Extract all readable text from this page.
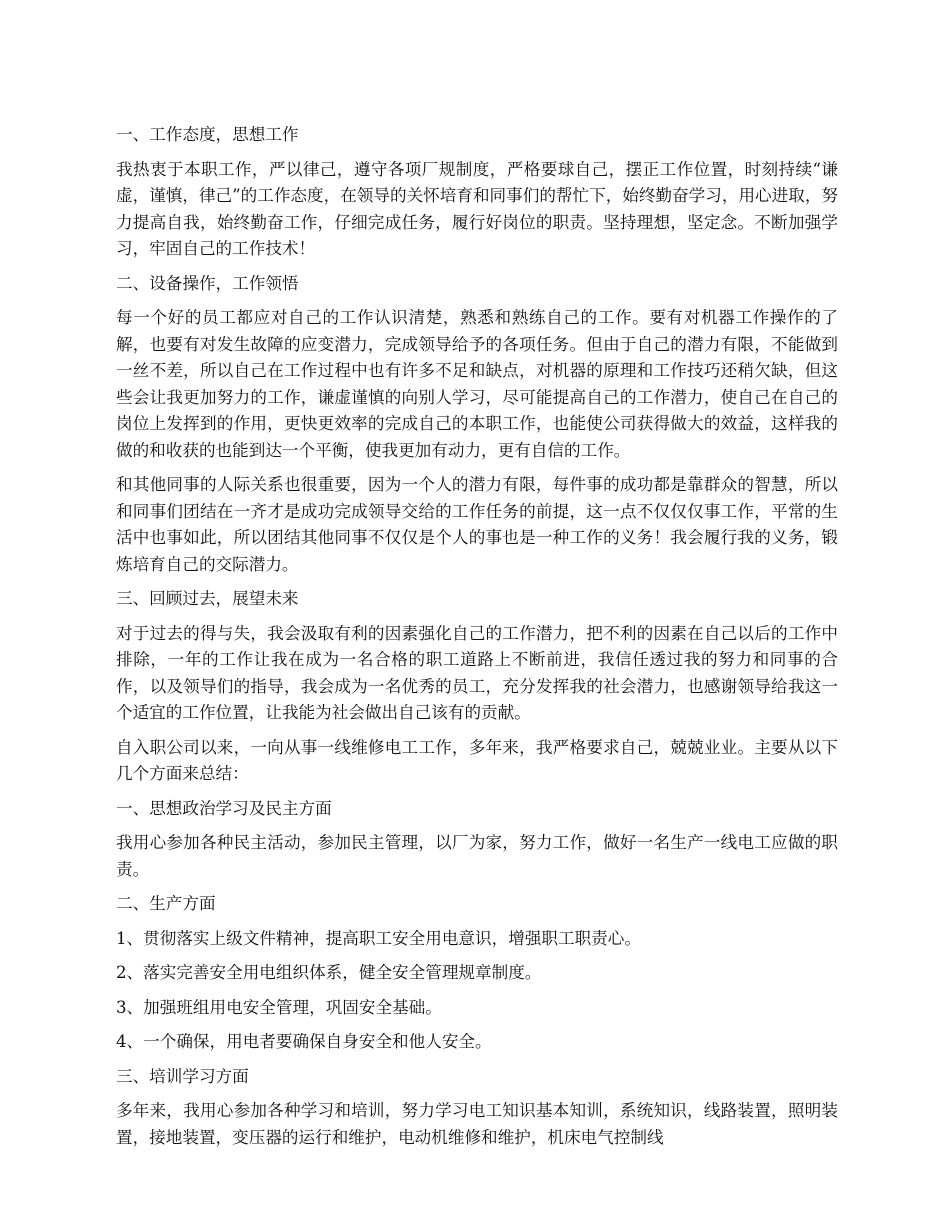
一、工作态度，思想工作

我热衷于本职工作，严以律己，遵守各项厂规制度，严格要球自己，摆正工作位置，时刻持续“谦虚，谨慎，律己”的工作态度，在领导的关怀培育和同事们的帮忙下，始终勤奋学习，用心进取，努力提高自我，始终勤奋工作，仔细完成任务，履行好岗位的职责。坚持理想，坚定念。不断加强学习，牢固自己的工作技术！

二、设备操作，工作领悟

每一个好的员工都应对自己的工作认识清楚，熟悉和熟练自己的工作。要有对机器工作操作的了解，也要有对发生故障的应变潜力，完成领导给予的各项任务。但由于自己的潜力有限，不能做到一丝不差，所以自己在工作过程中也有许多不足和缺点，对机器的原理和工作技巧还稍欠缺，但这些会让我更加努力的工作，谦虚谨慎的向别人学习，尽可能提高自己的工作潜力，使自己在自己的岗位上发挥到的作用，更快更效率的完成自己的本职工作，也能使公司获得做大的效益，这样我的做的和收获的也能到达一个平衡，使我更加有动力，更有自信的工作。

和其他同事的人际关系也很重要，因为一个人的潜力有限，每件事的成功都是靠群众的智慧，所以和同事们团结在一齐才是成功完成领导交给的工作任务的前提，这一点不仅仅仅事工作，平常的生活中也事如此，所以团结其他同事不仅仅是个人的事也是一种工作的义务！我会履行我的义务，锻炼培育自己的交际潜力。

三、回顾过去，展望未来

对于过去的得与失，我会汲取有利的因素强化自己的工作潜力，把不利的因素在自己以后的工作中排除，一年的工作让我在成为一名合格的职工道路上不断前进，我信任透过我的努力和同事的合作，以及领导们的指导，我会成为一名优秀的员工，充分发挥我的社会潜力，也感谢领导给我这一个适宜的工作位置，让我能为社会做出自己该有的贡献。

自入职公司以来，一向从事一线维修电工工作，多年来，我严格要求自己，兢兢业业。主要从以下几个方面来总结：

一、思想政治学习及民主方面

我用心参加各种民主活动，参加民主管理，以厂为家，努力工作，做好一名生产一线电工应做的职责。

二、生产方面

1、贯彻落实上级文件精神，提高职工安全用电意识，增强职工职责心。

2、落实完善安全用电组织体系，健全安全管理规章制度。

3、加强班组用电安全管理，巩固安全基础。

4、一个确保，用电者要确保自身安全和他人安全。

三、培训学习方面

多年来，我用心参加各种学习和培训，努力学习电工知识基本知训，系统知识，线路装置，照明装置，接地装置，变压器的运行和维护，电动机维修和维护，机床电气控制线
